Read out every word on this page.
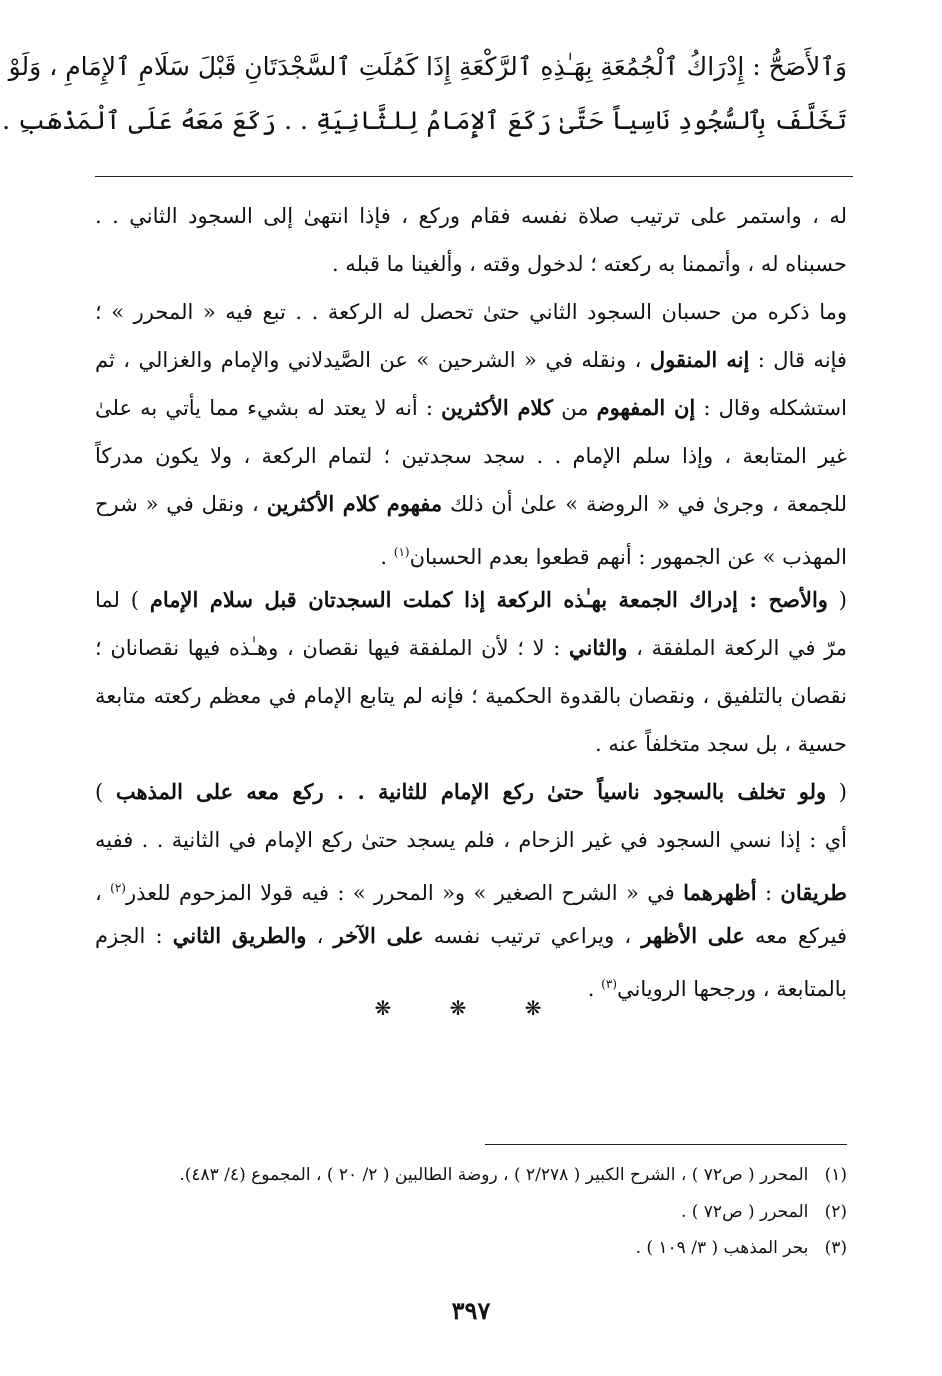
وَٱلأَصَحُّ : إِدْرَاكُ ٱلْجُمُعَةِ بِهَـٰذِهِ ٱلرَّكْعَةِ إِذَا كَمُلَتِ ٱلسَّجْدَتَانِ قَبْلَ سَلَامِ ٱلإِمَامِ ، وَلَوْ
تَخَلَّفَ بِٱلسُّجُودِ نَاسِياً حَتَّىٰ رَكَعَ ٱلإِمَامُ لِلثَّانِيَةِ . . رَكَعَ مَعَهُ عَلَى ٱلْمَذْهَبِ .
له ، واستمر على ترتيب صلاة نفسه فقام وركع ، فإذا انتهىٰ إلى السجود الثاني . .
حسبناه له ، وأتممنا به ركعته ؛ لدخول وقته ، وألغينا ما قبله .
وما ذكره من حسبان السجود الثاني حتىٰ تحصل له الركعة . . تبع فيه « المحرر » ؛
فإنه قال : إنه المنقول ، ونقله في « الشرحين » عن الصَّيدلاني والإمام والغزالي ، ثم
استشكله وقال : إن المفهوم من كلام الأكثرين : أنه لا يعتد له بشيء مما يأتي به علىٰ
غير المتابعة ، وإذا سلم الإمام . . سجد سجدتين ؛ لتمام الركعة ، ولا يكون مدركاً
للجمعة ، وجرىٰ في « الروضة » علىٰ أن ذلك مفهوم كلام الأكثرين ، ونقل في « شرح
المهذب » عن الجمهور : أنهم قطعوا بعدم الحسبان$^{(١)}$ .
( والأصح : إدراك الجمعة بهـٰذه الركعة إذا كملت السجدتان قبل سلام الإمام ) لما
مرّ في الركعة الملفقة ، والثاني : لا ؛ لأن الملفقة فيها نقصان ، وهـٰذه فيها نقصانان ؛
نقصان بالتلفيق ، ونقصان بالقدوة الحكمية ؛ فإنه لم يتابع الإمام في معظم ركعته متابعة
حسية ، بل سجد متخلفاً عنه .
( ولو تخلف بالسجود ناسياً حتىٰ ركع الإمام للثانية . . ركع معه على المذهب )
أي : إذا نسي السجود في غير الزحام ، فلم يسجد حتىٰ ركع الإمام في الثانية . . ففيه
طريقان : أظهرهما في « الشرح الصغير » و« المحرر » : فيه قولا المزحوم للعذر$^{(٢)}$ ،
فيركع معه على الأظهر ، ويراعي ترتيب نفسه على الآخر ، والطريق الثاني : الجزم
بالمتابعة ، ورجحها الروياني$^{(٣)}$ .
❋ ❋ ❋
(١)   المحرر ( ص٧٢ ) ، الشرح الكبير ( ٢/٢٧٨ ) ، روضة الطالبين ( ٢/ ٢٠ ) ، المجموع (٤/ ٤٨٣).
(٢)   المحرر ( ص٧٢ ) .
(٣)   بحر المذهب ( ٣/ ١٠٩ ) .
٣٩٧
